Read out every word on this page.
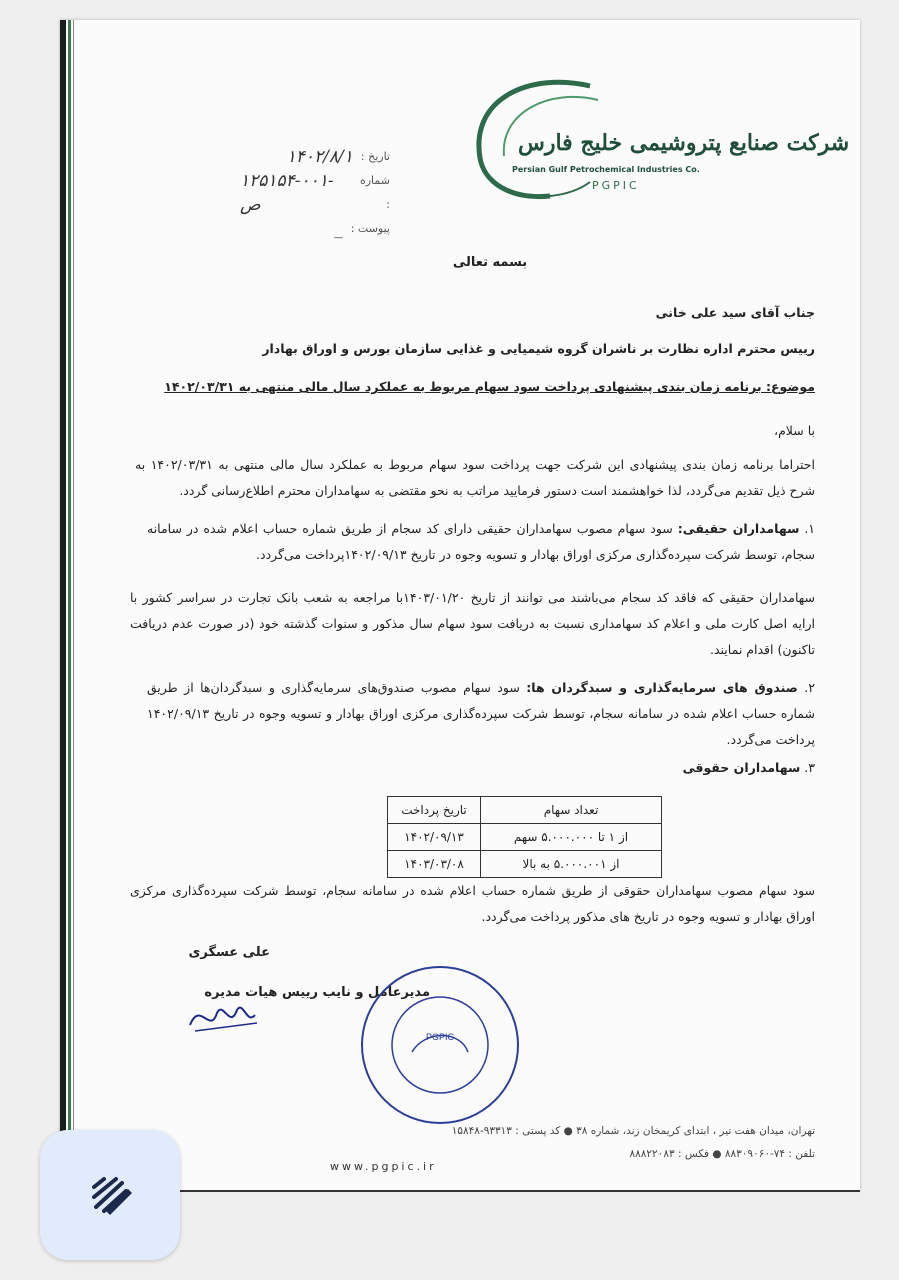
تاریخ :
۱۴۰۲/۸/۱
شماره :
۱۲۵۱۵۴-۰۰۱-ص
پیوست :
_
شرکت صنایع پتروشیمی خلیج فارس
Persian Gulf Petrochemical Industries Co.
PGPIC
بسمه تعالی
جناب آقای سید علی خانی
رییس محترم اداره نظارت بر ناشران گروه شیمیایی و غذایی سازمان بورس و اوراق بهادار
موضوع: برنامه زمان بندی پیشنهادی پرداخت سود سهام مربوط به عملکرد سال مالی منتهی به ۱۴۰۲/۰۳/۳۱
با سلام،
احتراما برنامه زمان بندی پیشنهادی این شرکت جهت پرداخت سود سهام مربوط به عملکرد سال مالی منتهی به ۱۴۰۲/۰۳/۳۱ به شرح ذیل تقدیم می‌گردد، لذا خواهشمند است دستور فرمایید مراتب به نحو مقتضی به سهامداران محترم اطلاع‌رسانی گردد.
۱. سهامداران حقیقی: سود سهام مصوب سهامداران حقیقی دارای کد سجام از طریق شماره حساب اعلام شده در سامانه سجام، توسط شرکت سپرده‌گذاری مرکزی اوراق بهادار و تسویه وجوه در تاریخ ۱۴۰۲/۰۹/۱۳پرداخت می‌گردد.
سهامداران حقیقی که فاقد کد سجام می‌باشند می توانند از تاریخ ۱۴۰۳/۰۱/۲۰با مراجعه به شعب بانک تجارت در سراسر کشور با ارایه اصل کارت ملی و اعلام کد سهامداری نسبت به دریافت سود سهام سال مذکور و سنوات گذشته خود (در صورت عدم دریافت تاکنون) اقدام نمایند.
۲. صندوق های سرمایه‌گذاری و سبدگردان ها: سود سهام مصوب صندوق‌های سرمایه‌گذاری و سبدگردان‌ها از طریق شماره حساب اعلام شده در سامانه سجام، توسط شرکت سپرده‌گذاری مرکزی اوراق بهادار و تسویه وجوه در تاریخ ۱۴۰۲/۰۹/۱۳ پرداخت می‌گردد.
۳. سهامداران حقوقی
تعداد سهام	تاریخ پرداخت
از ۱ تا ۵.۰۰۰.۰۰۰ سهم	۱۴۰۲/۰۹/۱۳
از ۵.۰۰۰.۰۰۱ به بالا	۱۴۰۳/۰۳/۰۸
سود سهام مصوب سهامداران حقوقی از طریق شماره حساب اعلام شده در سامانه سجام، توسط شرکت سپرده‌گذاری مرکزی اوراق بهادار و تسویه وجوه در تاریخ های مذکور پرداخت می‌گردد.
علی عسگری
مدیرعامل و نایب رییس هیات مدیره
PGPIC
تهران، میدان هفت تیر ، ابتدای کریمخان زند، شماره ۳۸ ● کد پستی : ۹۳۳۱۳-۱۵۸۴۸
تلفن : ۷۴-۸۸۳۰۹۰۶۰ ● فکس : ۸۸۸۲۲۰۸۳
www.pgpic.ir
